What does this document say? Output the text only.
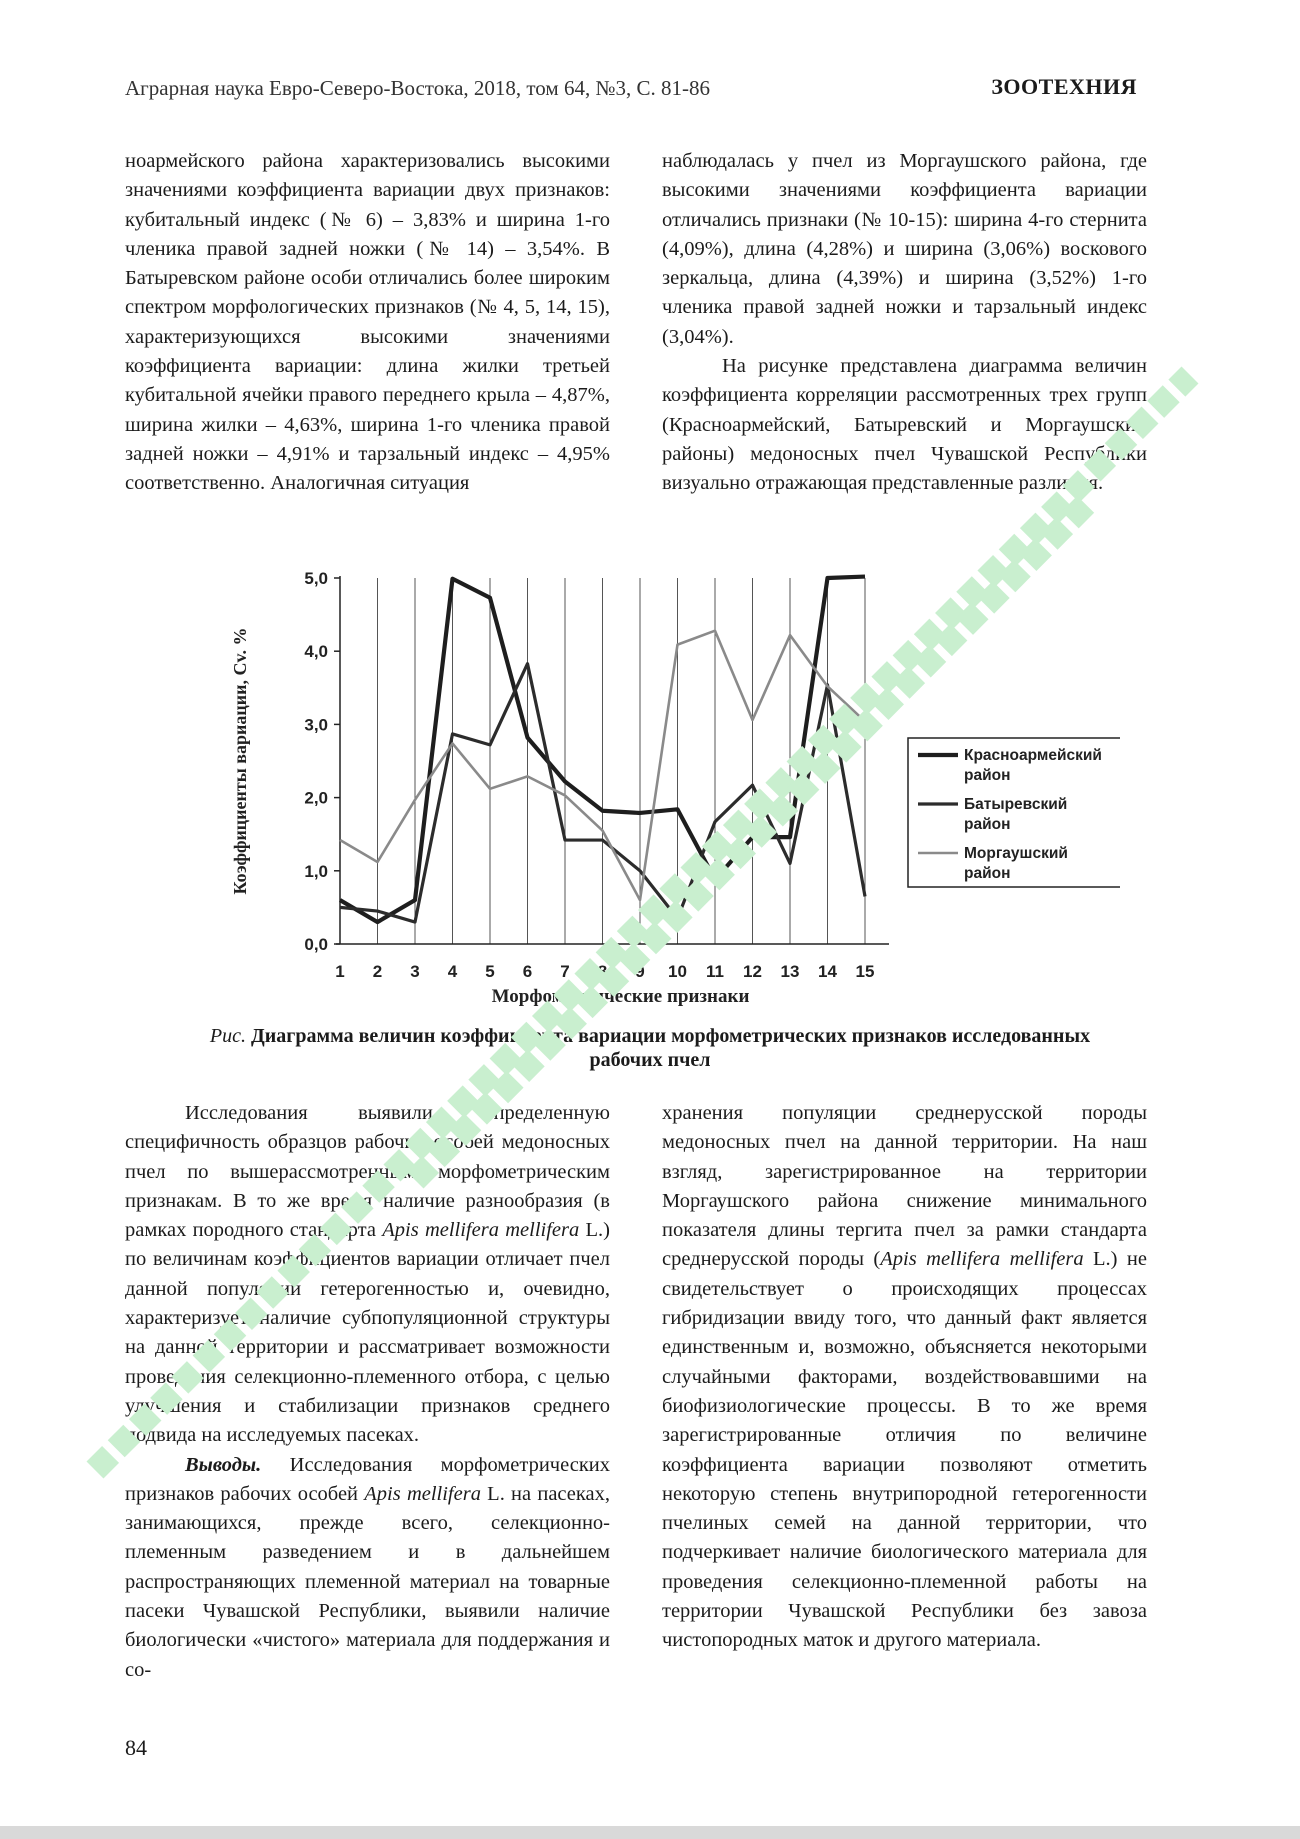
Аграрная наука Евро-Северо-Востока, 2018, том 64, №3, С. 81-86	ЗООТЕХНИЯ

ноармейского района характеризовались высокими значениями коэффициента вариации двух признаков: кубитальный индекс (№ 6) – 3,83% и ширина 1-го членика правой задней ножки (№ 14) – 3,54%. В Батыревском районе особи отличались более широким спектром морфологических признаков (№ 4, 5, 14, 15), характеризующихся высокими значениями коэффициента вариации: длина жилки третьей кубитальной ячейки правого переднего крыла – 4,87%, ширина жилки – 4,63%, ширина 1-го членика правой задней ножки – 4,91% и тарзальный индекс – 4,95% соответственно. Аналогичная ситуация

наблюдалась у пчел из Моргаушского района, где высокими значениями коэффициента вариации отличались признаки (№ 10-15): ширина 4-го стернита (4,09%), длина (4,28%) и ширина (3,06%) воскового зеркальца, длина (4,39%) и ширина (3,52%) 1-го членика правой задней ножки и тарзальный индекс (3,04%).

На рисунке представлена диаграмма величин коэффициента корреляции рассмотренных трех групп (Красноармейский, Батыревский и Моргаушский районы) медоносных пчел Чувашской Республики визуально отражающая представленные различия.

0,0
1,0
2,0
3,0
4,0
5,0
1 2 3 4 5 6 7 8 9 10 11 12 13 14 15
Морфометрические признаки
Коэффициенты вариации, Cv. %	Красноармейский
район
Батыревский
район
Моргаушский
район
Рис. Диаграмма величин коэффициента вариации морфометрических признаков исследованных рабочих пчел

Исследования выявили определенную специфичность образцов рабочих особей медоносных пчел по вышерассмотренным морфометрическим признакам. В то же время наличие разнообразия (в рамках породного стандарта Apis mellifera mellifera L.) по величинам коэффициентов вариации отличает пчел данной популяции гетерогенностью и, очевидно, характеризует наличие субпопуляционной структуры на данной территории и рассматривает возможности проведения селекционно-племенного отбора, с целью улучшения и стабилизации признаков среднего подвида на исследуемых пасеках.

Выводы. Исследования морфометрических признаков рабочих особей Apis mellifera L. на пасеках, занимающихся, прежде всего, селекционно-племенным разведением и в дальнейшем распространяющих племенной материал на товарные пасеки Чувашской Республики, выявили наличие биологически «чистого» материала для поддержания и со-

хранения популяции среднерусской породы медоносных пчел на данной территории. На наш взгляд, зарегистрированное на территории Моргаушского района снижение минимального показателя длины тергита пчел за рамки стандарта среднерусской породы (Apis mellifera mellifera L.) не свидетельствует о происходящих процессах гибридизации ввиду того, что данный факт является единственным и, возможно, объясняется некоторыми случайными факторами, воздействовавшими на биофизиологические процессы. В то же время зарегистрированные отличия по величине коэффициента вариации позволяют отметить некоторую степень внутрипородной гетерогенности пчелиных семей на данной территории, что подчеркивает наличие биологического материала для проведения селекционно-племенной работы на территории Чувашской Республики без завоза чистопородных маток и другого материала.

84
